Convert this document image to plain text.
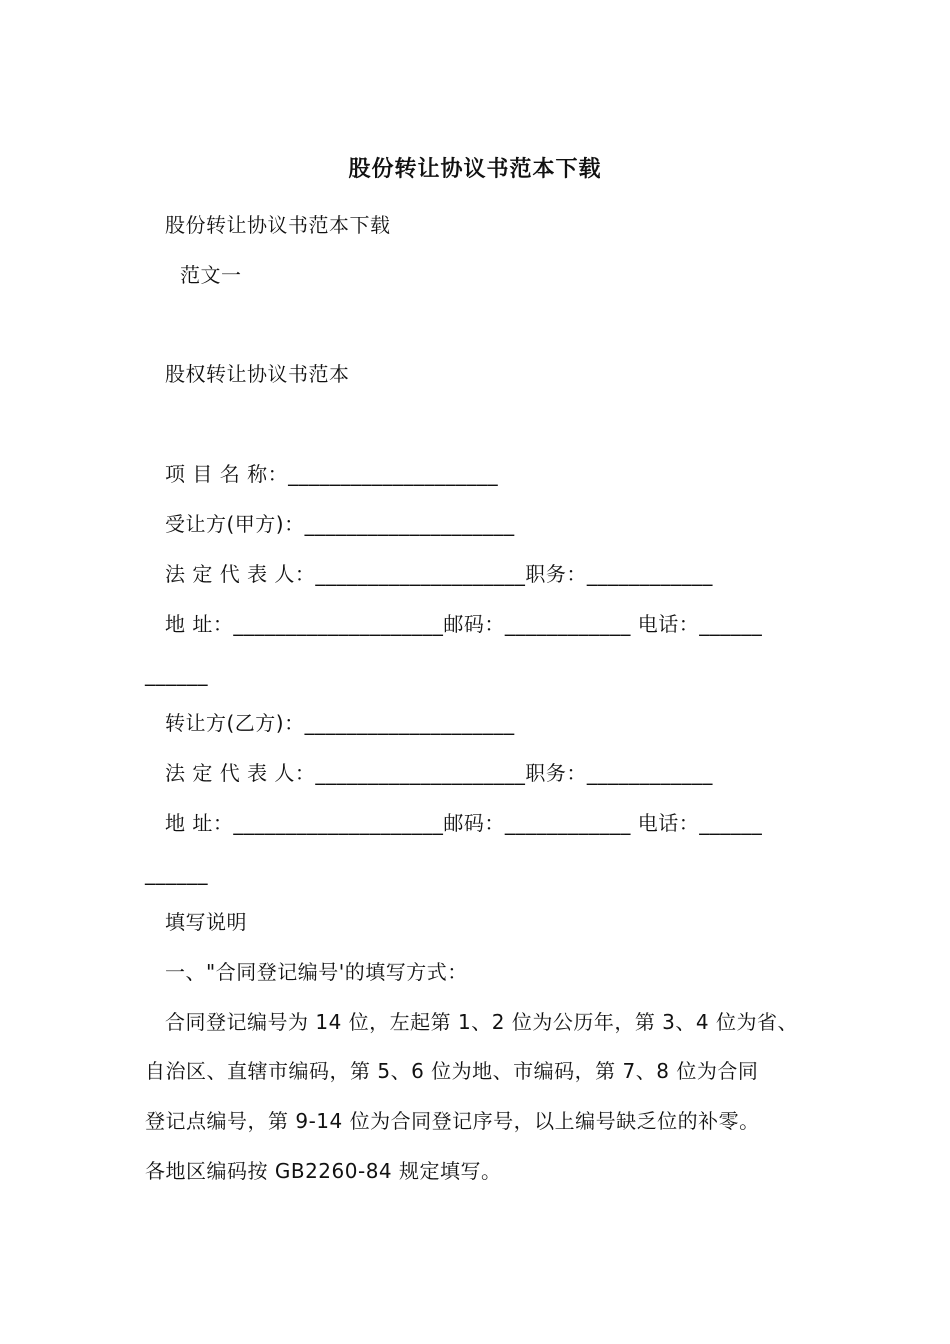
股份转让协议书范本下载
股份转让协议书范本下载
范文一
股权转让协议书范本
项 目 名 称：____________________
受让方(甲方)：____________________
法 定 代 表 人：____________________职务：____________
地 址：____________________邮码：____________ 电话：______
______
转让方(乙方)：____________________
法 定 代 表 人：____________________职务：____________
地 址：____________________邮码：____________ 电话：______
______
填写说明
一、"合同登记编号'的填写方式：
合同登记编号为 14 位，左起第 1、2 位为公历年，第 3、4 位为省、
自治区、直辖市编码，第 5、6 位为地、市编码，第 7、8 位为合同
登记点编号，第 9-14 位为合同登记序号，以上编号缺乏位的补零。
各地区编码按 GB2260-84 规定填写。
